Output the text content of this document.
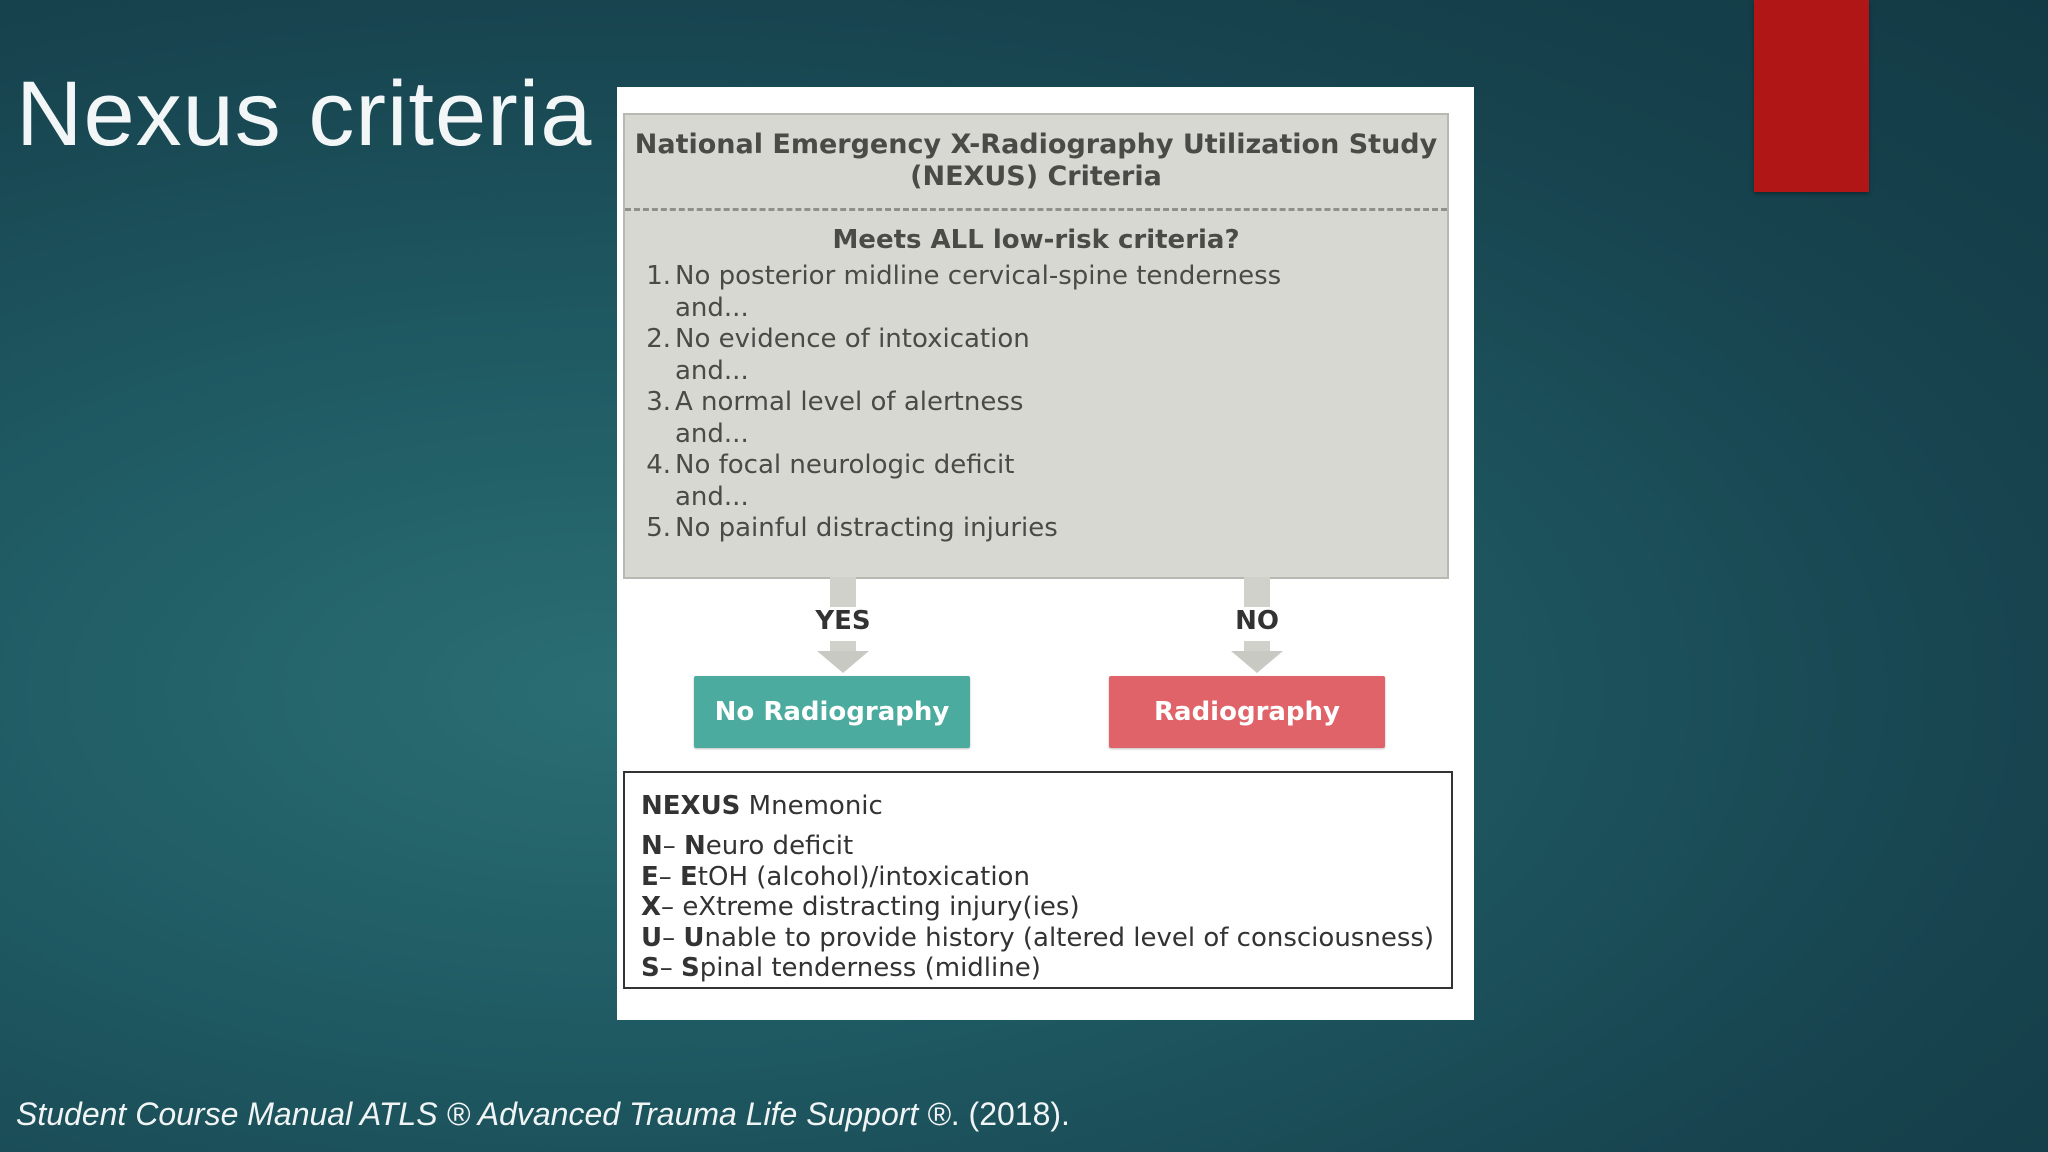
Nexus criteria	National Emergency X-Radiography Utilization Study
(NEXUS) Criteria
Meets ALL low-risk criteria?
1. No posterior midline cervical-spine tenderness
and...
2. No evidence of intoxication
and...
3. A normal level of alertness
and...
4. No focal neurologic deficit
and...
5. No painful distracting injuries
YES	NO
No Radiography	Radiography
NEXUS Mnemonic
N– Neuro deficit
E– EtOH (alcohol)/intoxication
X– eXtreme distracting injury(ies)
U– Unable to provide history (altered level of consciousness)
S– Spinal tenderness (midline)
Student Course Manual ATLS ® Advanced Trauma Life Support ®. (2018).
